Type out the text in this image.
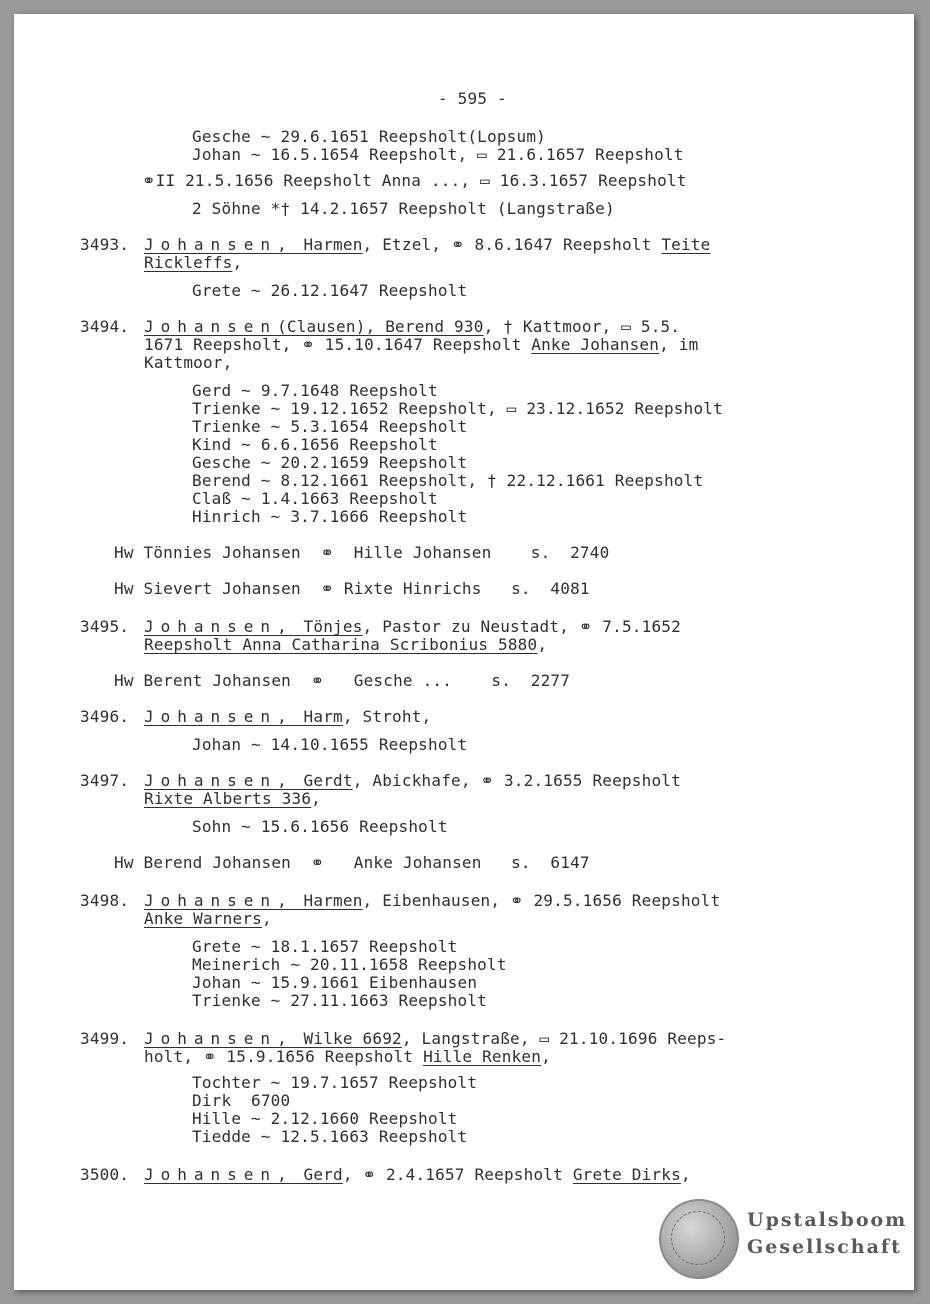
- 595 -
Gesche ~ 29.6.1651 Reepsholt(Lopsum)
Johan ~ 16.5.1654 Reepsholt, ▭ 21.6.1657 Reepsholt
⚭II 21.5.1656 Reepsholt Anna ..., ▭ 16.3.1657 Reepsholt
2 Söhne *† 14.2.1657 Reepsholt (Langstraße)
3493. Johansen, Harmen, Etzel, ⚭ 8.6.1647 Reepsholt Teite
Rickleffs,
Grete ~ 26.12.1647 Reepsholt
3494. Johansen(Clausen), Berend 930, † Kattmoor, ▭ 5.5.
1671 Reepsholt, ⚭ 15.10.1647 Reepsholt Anke Johansen, im
Kattmoor,
Gerd ~ 9.7.1648 Reepsholt
Trienke ~ 19.12.1652 Reepsholt, ▭ 23.12.1652 Reepsholt
Trienke ~ 5.3.1654 Reepsholt
Kind ~ 6.6.1656 Reepsholt
Gesche ~ 20.2.1659 Reepsholt
Berend ~ 8.12.1661 Reepsholt, † 22.12.1661 Reepsholt
Claß ~ 1.4.1663 Reepsholt
Hinrich ~ 3.7.1666 Reepsholt
Hw Tönnies Johansen  ⚭  Hille Johansen    s.  2740
Hw Sievert Johansen  ⚭ Rixte Hinrichs   s.  4081
3495. Johansen, Tönjes, Pastor zu Neustadt, ⚭ 7.5.1652
Reepsholt Anna Catharina Scribonius 5880,
Hw Berent Johansen  ⚭   Gesche ...    s.  2277
3496. Johansen, Harm, Stroht,
Johan ~ 14.10.1655 Reepsholt
3497. Johansen, Gerdt, Abickhafe, ⚭ 3.2.1655 Reepsholt
Rixte Alberts 336,
Sohn ~ 15.6.1656 Reepsholt
Hw Berend Johansen  ⚭   Anke Johansen   s.  6147
3498. Johansen, Harmen, Eibenhausen, ⚭ 29.5.1656 Reepsholt
Anke Warners,
Grete ~ 18.1.1657 Reepsholt
Meinerich ~ 20.11.1658 Reepsholt
Johan ~ 15.9.1661 Eibenhausen
Trienke ~ 27.11.1663 Reepsholt
3499. Johansen, Wilke 6692, Langstraße, ▭ 21.10.1696 Reeps-
holt, ⚭ 15.9.1656 Reepsholt Hille Renken,
Tochter ~ 19.7.1657 Reepsholt
Dirk  6700
Hille ~ 2.12.1660 Reepsholt
Tiedde ~ 12.5.1663 Reepsholt
3500. Johansen, Gerd, ⚭ 2.4.1657 Reepsholt Grete Dirks,
Upstalsboom
Gesellschaft
